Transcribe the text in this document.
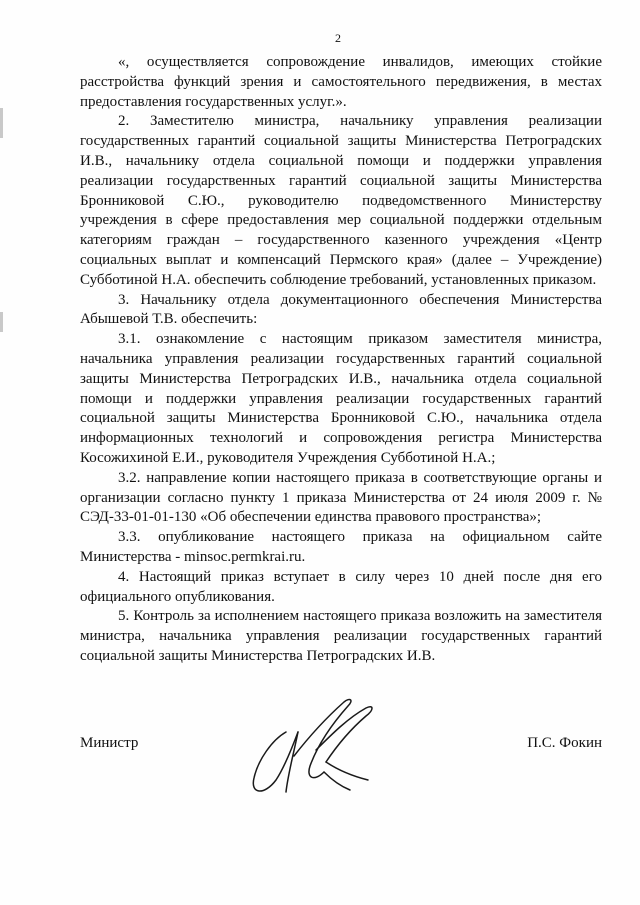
2

«, осуществляется сопровождение инвалидов, имеющих стойкие расстройства функций зрения и самостоятельного передвижения, в местах предоставления государственных услуг.».

2. Заместителю министра, начальнику управления реализации государственных гарантий социальной защиты Министерства Петроградских И.В., начальнику отдела социальной помощи и поддержки управления реализации государственных гарантий социальной защиты Министерства Бронниковой С.Ю., руководителю подведомственного Министерству учреждения в сфере предоставления мер социальной поддержки отдельным категориям граждан – государственного казенного учреждения «Центр социальных выплат и компенсаций Пермского края» (далее – Учреждение) Субботиной Н.А. обеспечить соблюдение требований, установленных приказом.

3. Начальнику отдела документационного обеспечения Министерства Абышевой Т.В. обеспечить:

3.1. ознакомление с настоящим приказом заместителя министра, начальника управления реализации государственных гарантий социальной защиты Министерства Петроградских И.В., начальника отдела социальной помощи и поддержки управления реализации государственных гарантий социальной защиты Министерства Бронниковой С.Ю., начальника отдела информационных технологий и сопровождения регистра Министерства Косожихиной Е.И., руководителя Учреждения Субботиной Н.А.;

3.2. направление копии настоящего приказа в соответствующие органы и организации согласно пункту 1 приказа Министерства от 24 июля 2009 г. № СЭД-33-01-01-130 «Об обеспечении единства правового пространства»;

3.3. опубликование настоящего приказа на официальном сайте Министерства - minsoc.permkrai.ru.

4. Настоящий приказ вступает в силу через 10 дней после дня его официального опубликования.

5. Контроль за исполнением настоящего приказа возложить на заместителя министра, начальника управления реализации государственных гарантий социальной защиты Министерства Петроградских И.В.

Министр	П.С. Фокин
